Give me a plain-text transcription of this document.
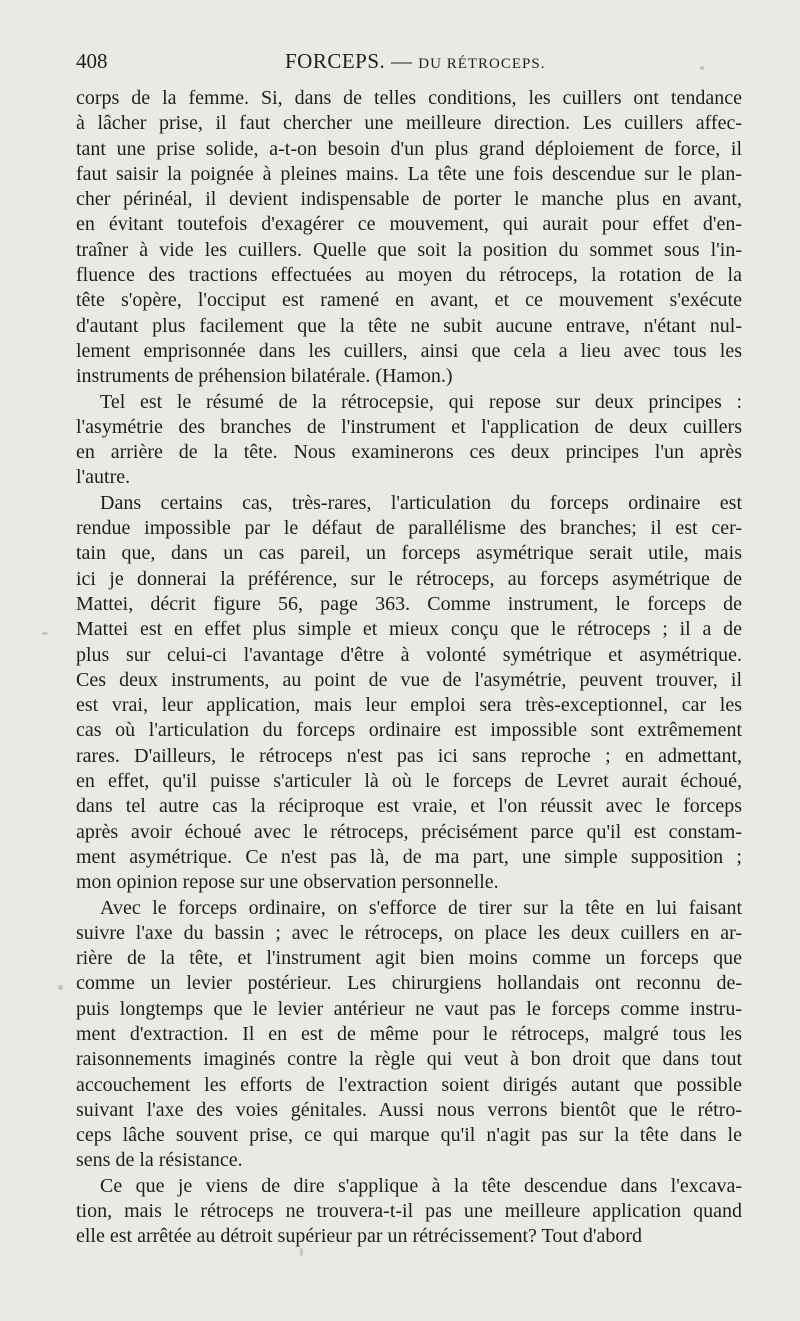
408	FORCEPS. — DU RÉTROCEPS.
corps de la femme. Si, dans de telles conditions, les cuillers ont tendance
à lâcher prise, il faut chercher une meilleure direction. Les cuillers affec-
tant une prise solide, a-t-on besoin d'un plus grand déploiement de force, il
faut saisir la poignée à pleines mains. La tête une fois descendue sur le plan-
cher périnéal, il devient indispensable de porter le manche plus en avant,
en évitant toutefois d'exagérer ce mouvement, qui aurait pour effet d'en-
traîner à vide les cuillers. Quelle que soit la position du sommet sous l'in-
fluence des tractions effectuées au moyen du rétroceps, la rotation de la
tête s'opère, l'occiput est ramené en avant, et ce mouvement s'exécute
d'autant plus facilement que la tête ne subit aucune entrave, n'étant nul-
lement emprisonnée dans les cuillers, ainsi que cela a lieu avec tous les
instruments de préhension bilatérale. (Hamon.)
Tel est le résumé de la rétrocepsie, qui repose sur deux principes :
l'asymétrie des branches de l'instrument et l'application de deux cuillers
en arrière de la tête. Nous examinerons ces deux principes l'un après
l'autre.
Dans certains cas, très-rares, l'articulation du forceps ordinaire est
rendue impossible par le défaut de parallélisme des branches; il est cer-
tain que, dans un cas pareil, un forceps asymétrique serait utile, mais
ici je donnerai la préférence, sur le rétroceps, au forceps asymétrique de
Mattei, décrit figure 56, page 363. Comme instrument, le forceps de
Mattei est en effet plus simple et mieux conçu que le rétroceps ; il a de
plus sur celui-ci l'avantage d'être à volonté symétrique et asymétrique.
Ces deux instruments, au point de vue de l'asymétrie, peuvent trouver, il
est vrai, leur application, mais leur emploi sera très-exceptionnel, car les
cas où l'articulation du forceps ordinaire est impossible sont extrêmement
rares. D'ailleurs, le rétroceps n'est pas ici sans reproche ; en admettant,
en effet, qu'il puisse s'articuler là où le forceps de Levret aurait échoué,
dans tel autre cas la réciproque est vraie, et l'on réussit avec le forceps
après avoir échoué avec le rétroceps, précisément parce qu'il est constam-
ment asymétrique. Ce n'est pas là, de ma part, une simple supposition ;
mon opinion repose sur une observation personnelle.
Avec le forceps ordinaire, on s'efforce de tirer sur la tête en lui faisant
suivre l'axe du bassin ; avec le rétroceps, on place les deux cuillers en ar-
rière de la tête, et l'instrument agit bien moins comme un forceps que
comme un levier postérieur. Les chirurgiens hollandais ont reconnu de-
puis longtemps que le levier antérieur ne vaut pas le forceps comme instru-
ment d'extraction. Il en est de même pour le rétroceps, malgré tous les
raisonnements imaginés contre la règle qui veut à bon droit que dans tout
accouchement les efforts de l'extraction soient dirigés autant que possible
suivant l'axe des voies génitales. Aussi nous verrons bientôt que le rétro-
ceps lâche souvent prise, ce qui marque qu'il n'agit pas sur la tête dans le
sens de la résistance.
Ce que je viens de dire s'applique à la tête descendue dans l'excava-
tion, mais le rétroceps ne trouvera-t-il pas une meilleure application quand
elle est arrêtée au détroit supérieur par un rétrécissement? Tout d'abord
